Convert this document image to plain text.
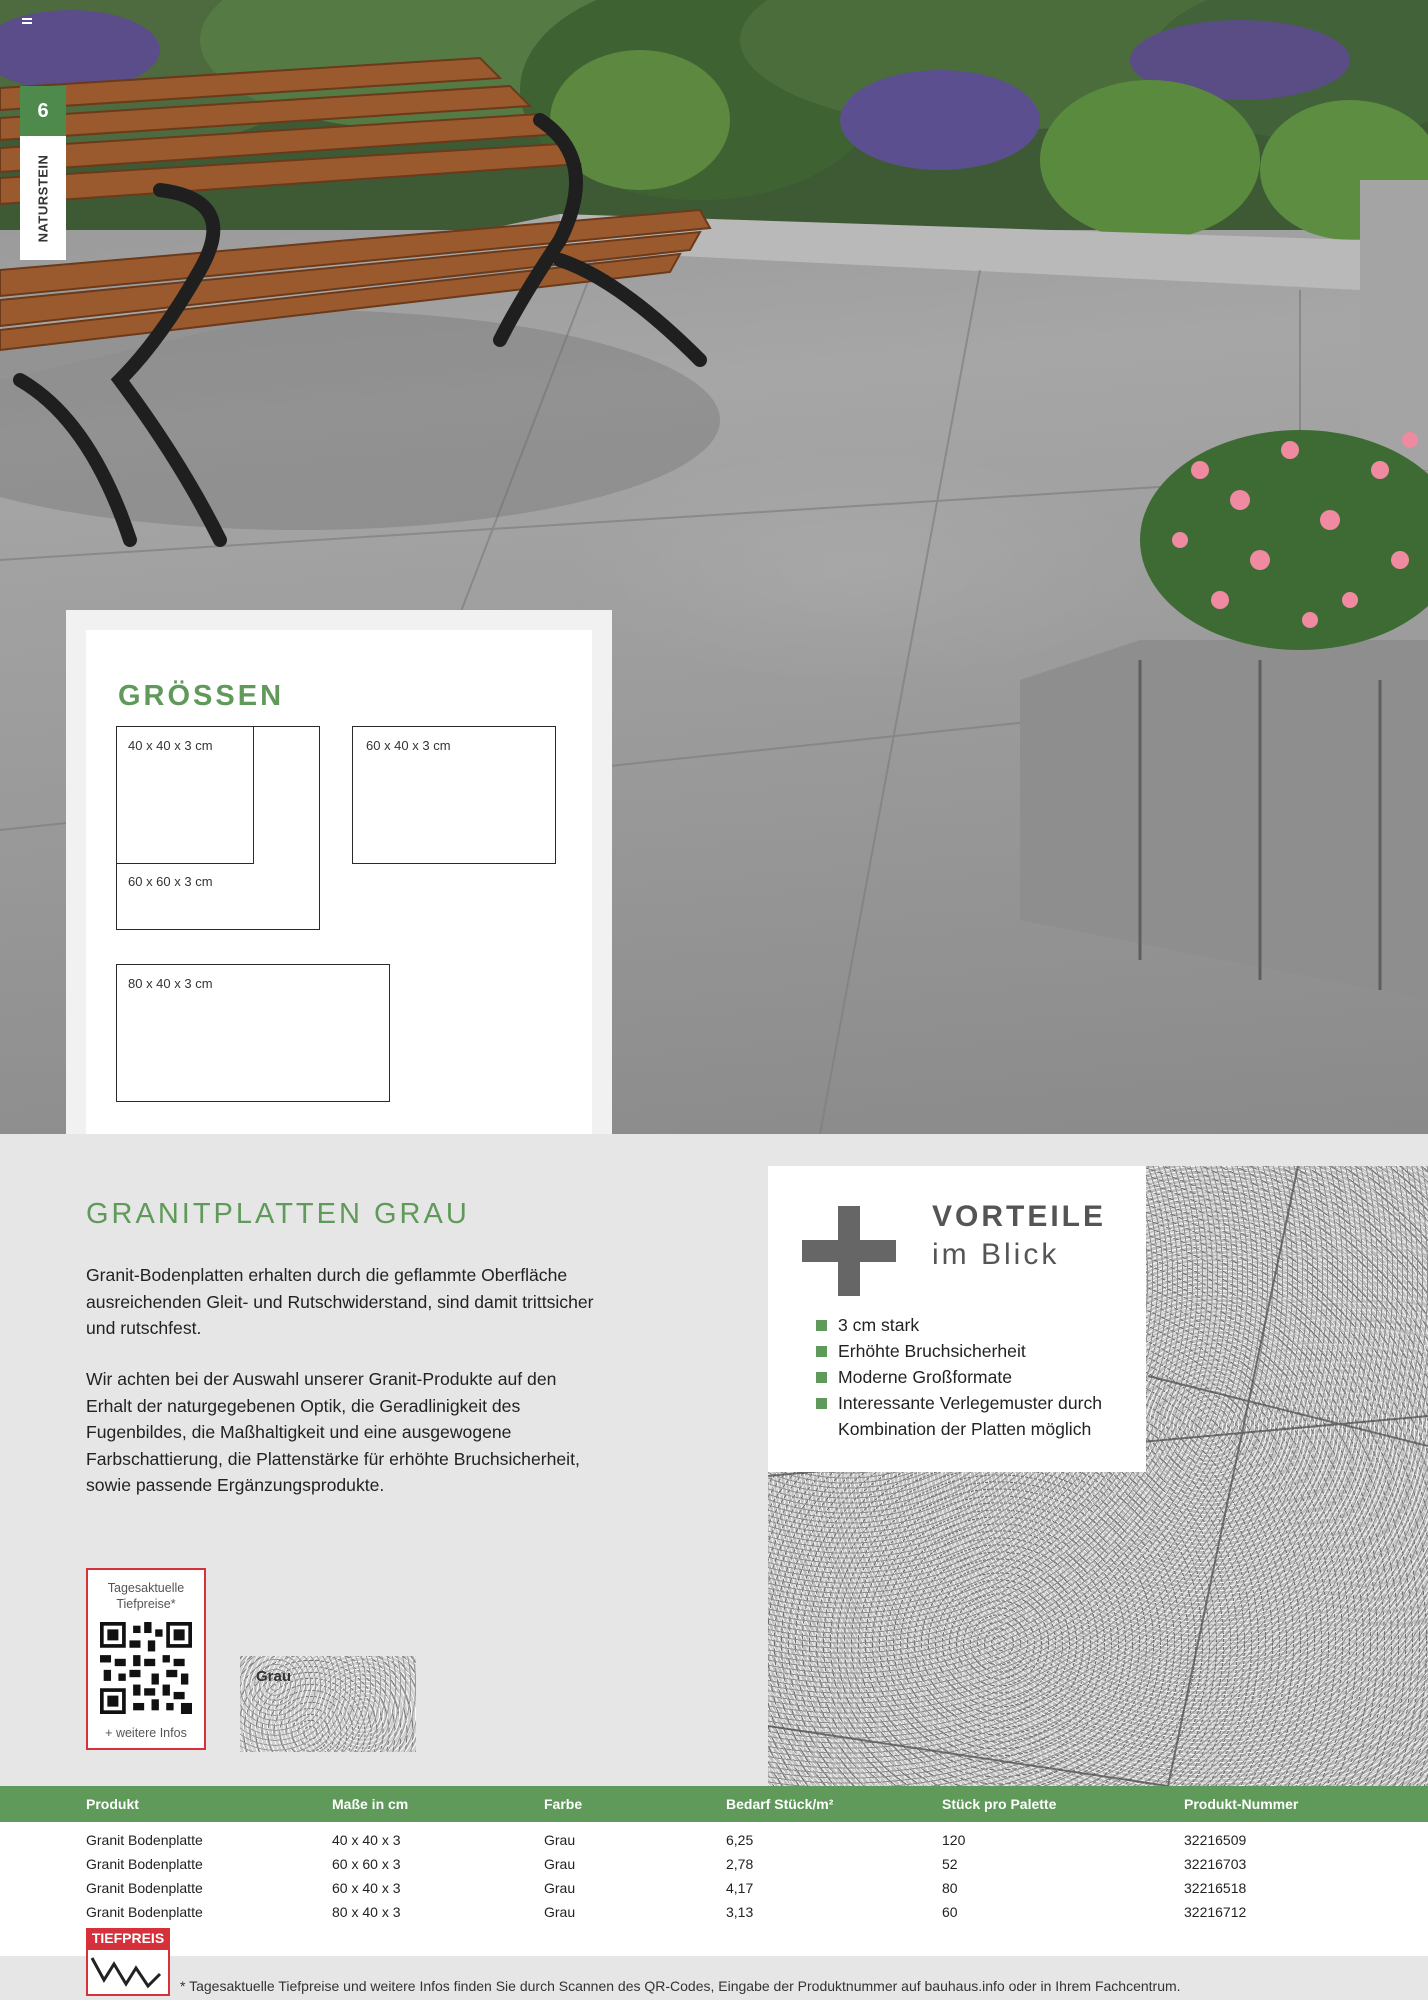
6
NATURSTEIN
GRÖSSEN
40 x 40 x 3 cm
60 x 60 x 3 cm
60 x 40 x 3 cm
80 x 40 x 3 cm
GRANITPLATTEN GRAU

Granit-Bodenplatten erhalten durch die geflammte Oberfläche ausreichenden Gleit- und Rutschwiderstand, sind damit trittsicher und rutschfest.

Wir achten bei der Auswahl unserer Granit-Produkte auf den Erhalt der naturgegebenen Optik, die Geradlinigkeit des Fugenbildes, die Maßhaltigkeit und eine ausgewogene Farbschattierung, die Plattenstärke für erhöhte Bruchsicherheit, sowie passende Ergänzungsprodukte.

VORTEILE
im Blick
3 cm stark
Erhöhte Bruchsicherheit
Moderne Großformate
Interessante Verlegemuster durch Kombination der Platten möglich
Tagesaktuelle Tiefpreise*
+ weitere Infos
Grau
Produkt	Maße in cm	Farbe	Bedarf Stück/m²	Stück pro Palette	Produkt-Nummer
Granit Bodenplatte	40 x 40 x 3	Grau	6,25	120	32216509
Granit Bodenplatte	60 x 60 x 3	Grau	2,78	52	32216703
Granit Bodenplatte	60 x 40 x 3	Grau	4,17	80	32216518
Granit Bodenplatte	80 x 40 x 3	Grau	3,13	60	32216712
TIEFPREIS
* Tagesaktuelle Tiefpreise und weitere Infos finden Sie durch Scannen des QR-Codes, Eingabe der Produktnummer auf bauhaus.info oder in Ihrem Fachcentrum.
